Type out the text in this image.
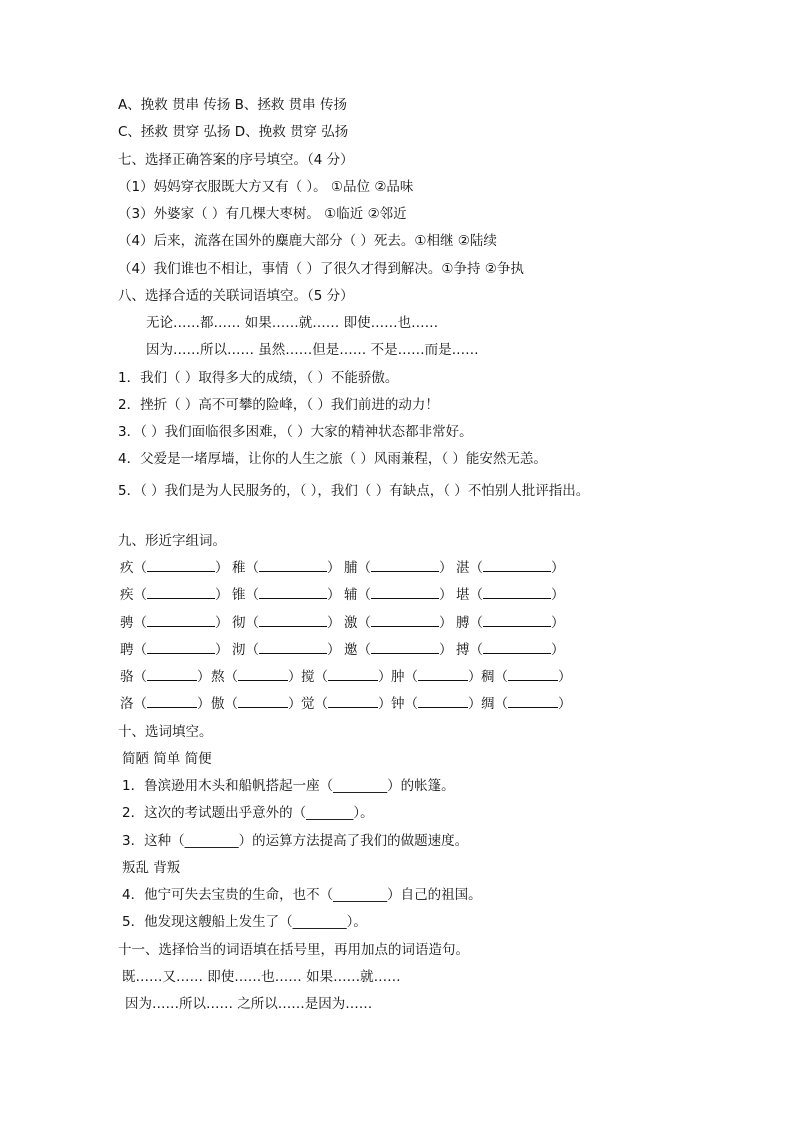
A、挽救 贯串 传扬 B、拯救 贯串 传扬
C、拯救 贯穿 弘扬 D、挽救 贯穿 弘扬
七、选择正确答案的序号填空。（4 分）
（1）妈妈穿衣服既大方又有（ ）。 ①品位 ②品味
（3）外婆家（ ）有几棵大枣树。 ①临近 ②邻近
（4）后来，流落在国外的麋鹿大部分（ ）死去。①相继 ②陆续
（4）我们谁也不相让，事情（ ）了很久才得到解决。①争持 ②争执
八、选择合适的关联词语填空。（5 分）
无论……都…… 如果……就…… 即使……也……
因为……所以…… 虽然……但是…… 不是……而是……
1．我们（ ）取得多大的成绩，（ ）不能骄傲。
2．挫折（ ）高不可攀的险峰，（ ）我们前进的动力！
3．（ ）我们面临很多困难，（ ）大家的精神状态都非常好。
4．父爱是一堵厚墙，让你的人生之旅（ ）风雨兼程，（ ）能安然无恙。
5．（ ）我们是为人民服务的，（ ），我们（ ）有缺点，（ ）不怕别人批评指出。
九、形近字组词。
疚（	） 稚（	） 脯（	） 湛（	）
疾（	） 锥（	） 辅（	） 堪（	）
骋（	） 彻（	） 激（	） 膊（	）
聘（	） 沏（	） 邀（	） 搏（	）
骆（	） 熬（	） 搅（	） 肿（	） 稠（	）
洛（	） 傲（	） 觉（	） 钟（	） 绸（	）
十、选词填空。
简陋 简单 简便
1．鲁滨逊用木头和船帆搭起一座（________）的帐篷。
2．这次的考试题出乎意外的（_______）。
3．这种（________）的运算方法提高了我们的做题速度。
叛乱 背叛
4．他宁可失去宝贵的生命，也不（________）自己的祖国。
5．他发现这艘船上发生了（________）。
十一、选择恰当的词语填在括号里，再用加点的词语造句。
既……又…… 即使……也…… 如果……就……
因为……所以…… 之所以……是因为……
